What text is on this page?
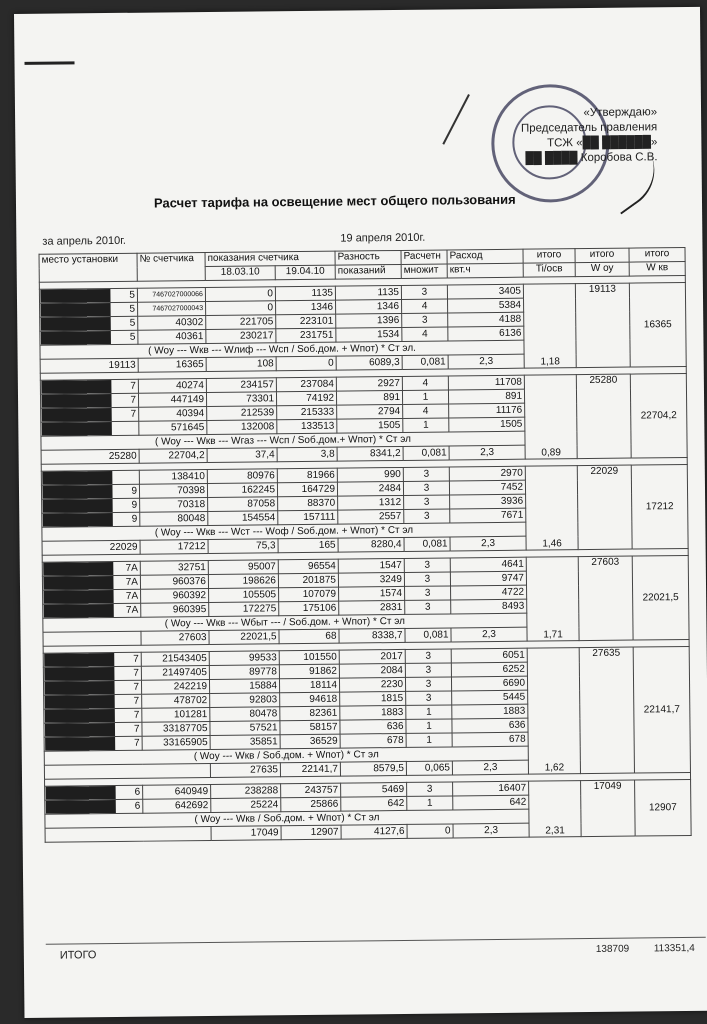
«Утверждаю»
Председатель правления
ТСЖ «██ ██████»
██ ████ Коробова С.В.
Расчет тарифа на освещение мест общего пользования
за апрель 2010г.	19 апреля 2010г.
место установки	№ счетчика	показания счетчика		Разность	Расчетн	Расход	итого	итого	итого
		18.03.10	19.04.10	показаний	множит	квт.ч	Ti/осв	W оу	W кв

5	7467027000066	0	1135	1135	3	3405	1,18	19113	16365
5	7467027000043	0	1346	1346	4	5384			
5	40302	221705	223101	1396	3	4188			
5	40361	230217	231751	1534	4	6136			
( Woy --- Wкв --- Wлиф --- Wсп / Sоб.дом. + Wпот) * Ст эл.									
19113	16365	108	0	6089,3	0,081	2,3			

7	40274	234157	237084	2927	4	11708	0,89	25280	22704,2
7	447149	73301	74192	891	1	891			
7	40394	212539	215333	2794	4	11176			
	571645	132008	133513	1505	1	1505			
( Woy --- Wкв --- Wгаз --- Wсп / Sоб.дом.+ Wпот) * Ст эл									
25280	22704,2	37,4	3,8	8341,2	0,081	2,3			

	138410	80976	81966	990	3	2970	1,46	22029	17212
9	70398	162245	164729	2484	3	7452			
9	70318	87058	88370	1312	3	3936			
9	80048	154554	157111	2557	3	7671			
( Woy --- Wкв --- Wст --- Wоф / Sоб.дом. + Wпот) * Ст эл									
22029	17212	75,3	165	8280,4	0,081	2,3			

7А	32751	95007	96554	1547	3	4641	1,71	27603	22021,5
7А	960376	198626	201875	3249	3	9747			
7А	960392	105505	107079	1574	3	4722			
7А	960395	172275	175106	2831	3	8493			
( Woy --- Wкв --- Wбыт --- / Sоб.дом. + Wпот) * Ст эл									
	27603	22021,5	68	8338,7	0,081	2,3			

7	21543405	99533	101550	2017	3	6051	1,62	27635	22141,7
7	21497405	89778	91862	2084	3	6252			
7	242219	15884	18114	2230	3	6690			
7	478702	92803	94618	1815	3	5445			
7	101281	80478	82361	1883	1	1883			
7	33187705	57521	58157	636	1	636			
7	33165905	35851	36529	678	1	678			
( Woy --- Wкв / Sоб.дом. + Wпот) * Ст эл									
		27635	22141,7	8579,5	0,065	2,3			

6	640949	238288	243757	5469	3	16407	2,31	17049	12907
6	642692	25224	25866	642	1	642			
( Woy --- Wкв / Sоб.дом. + Wпот) * Ст эл									
		17049	12907	4127,6	0	2,3			
ИТОГО	138709 113351,4
